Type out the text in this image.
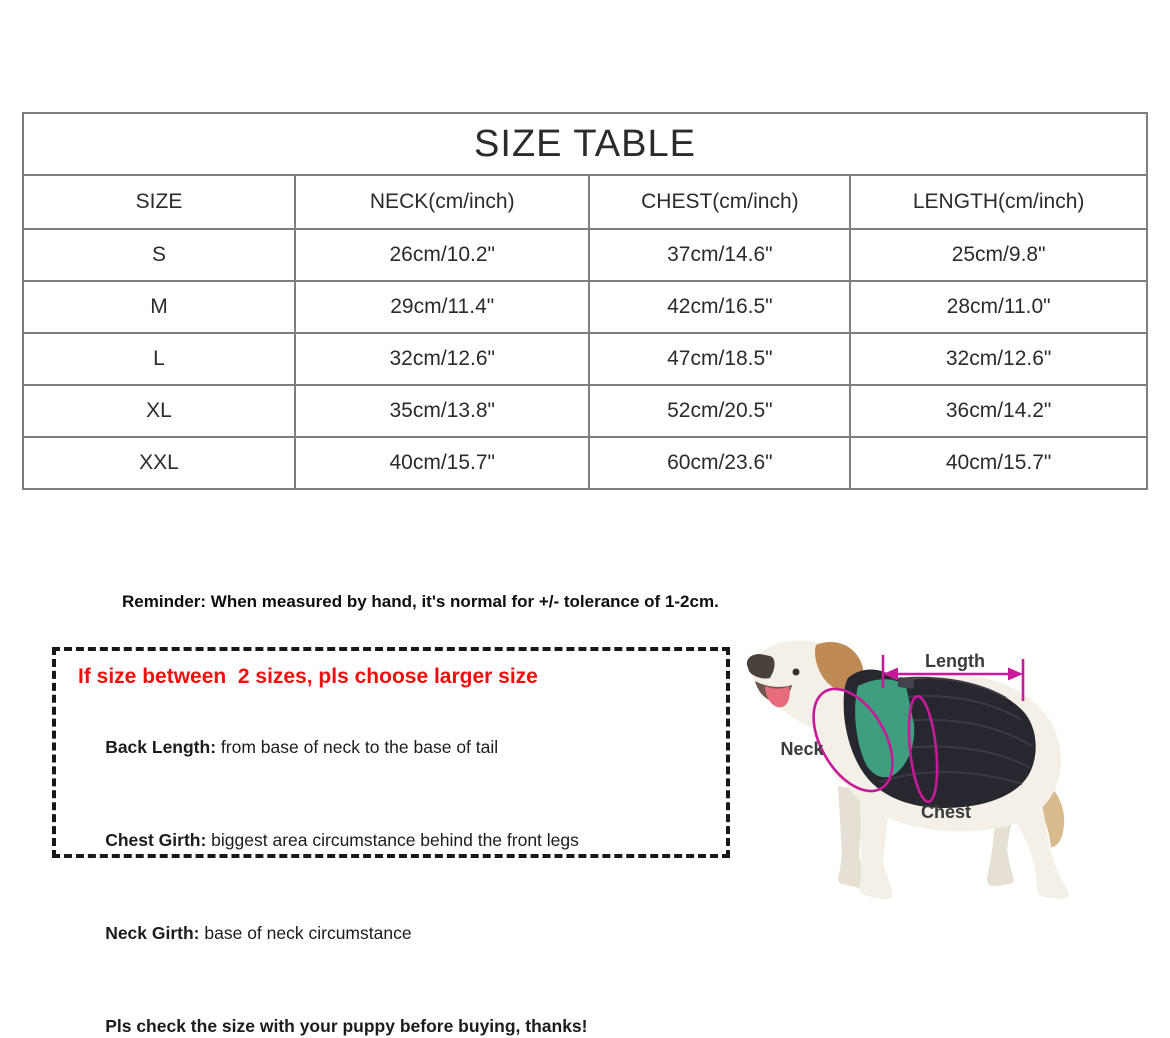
SIZE TABLE			
SIZE	NECK(cm/inch)	CHEST(cm/inch)	LENGTH(cm/inch)
S	26cm/10.2"	37cm/14.6"	25cm/9.8"
M	29cm/11.4"	42cm/16.5"	28cm/11.0"
L	32cm/12.6"	47cm/18.5"	32cm/12.6"
XL	35cm/13.8"	52cm/20.5"	36cm/14.2"
XXL	40cm/15.7"	60cm/23.6"	40cm/15.7"
Reminder: When measured by hand, it's normal for +/- tolerance of 1-2cm.
If size between  2 sizes, pls choose larger size

Back Length: from base of neck to the base of tail

Chest Girth: biggest area circumstance behind the front legs

Neck Girth: base of neck circumstance

Pls check the size with your puppy before buying, thanks!

Length
Neck
Chest
